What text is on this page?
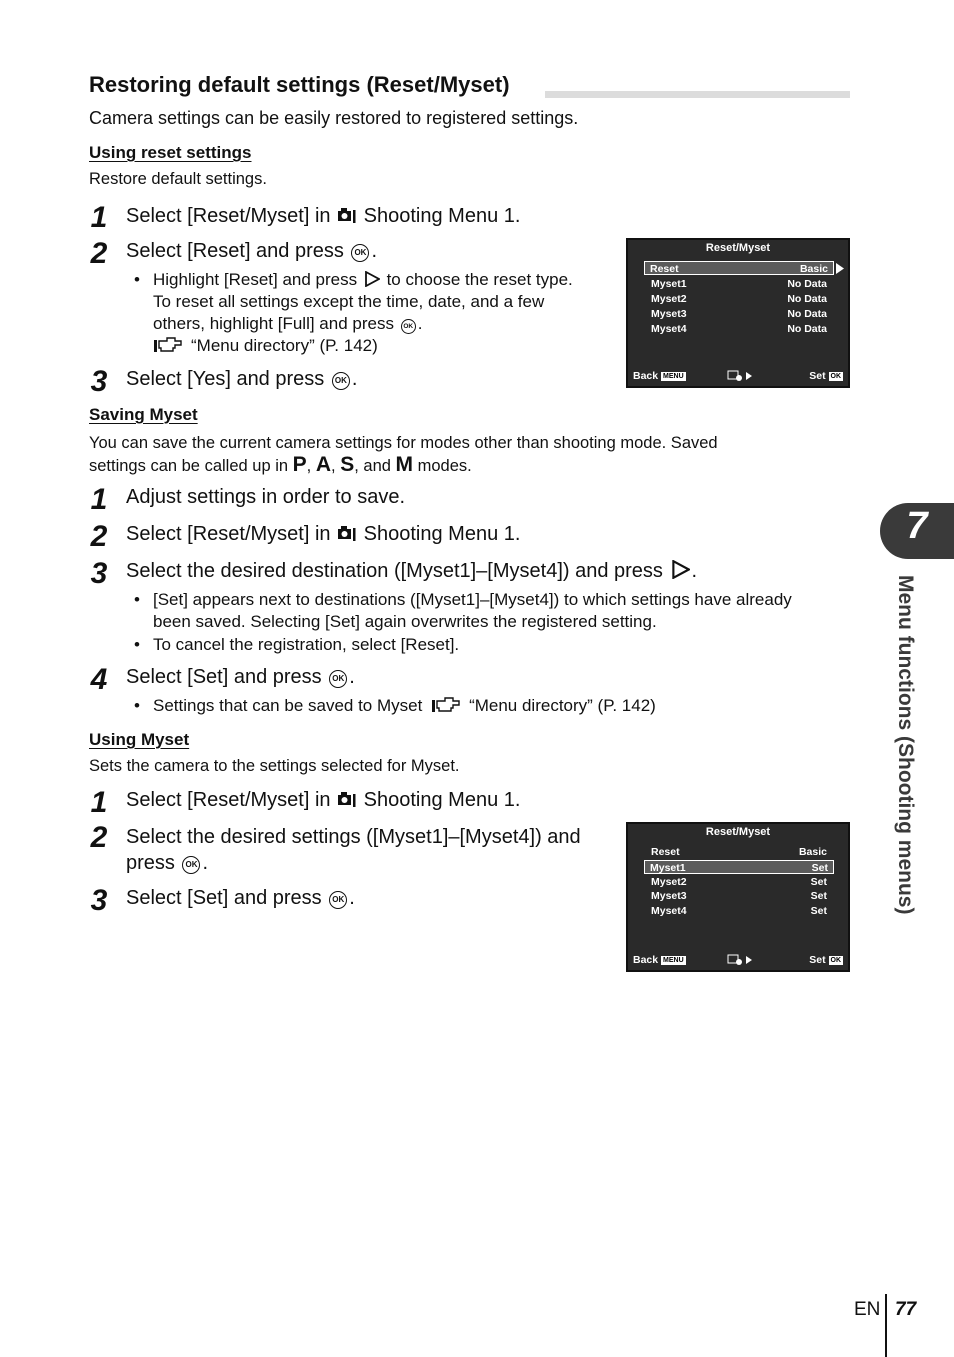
Restoring default settings (Reset/Myset)
Camera settings can be easily restored to registered settings.
Using reset settings
Restore default settings.
1 Select [Reset/Myset] in Shooting Menu 1.
2 Select [Reset] and press OK .
• Highlight [Reset] and press to choose the reset type.
To reset all settings except the time, date, and a few
others, highlight [Full] and press OK .
“Menu directory” (P. 142)
3 Select [Yes] and press OK .
Reset/Myset
Reset	Basic
Myset1	No Data
Myset2	No Data
Myset3	No Data
Myset4	No Data
Back MENU	Set OK
Saving Myset
You can save the current camera settings for modes other than shooting mode. Saved
settings can be called up in P, A, S, and M modes.
1 Adjust settings in order to save.
2 Select [Reset/Myset] in Shooting Menu 1.
3 Select the desired destination ([Myset1]–[Myset4]) and press .
• [Set] appears next to destinations ([Myset1]–[Myset4]) to which settings have already
been saved. Selecting [Set] again overwrites the registered setting.
• To cancel the registration, select [Reset].
4 Select [Set] and press OK .
• Settings that can be saved to Myset	“Menu directory” (P. 142)
Using Myset
Sets the camera to the settings selected for Myset.
1 Select [Reset/Myset] in Shooting Menu 1.
2 Select the desired settings ([Myset1]–[Myset4]) and
press OK .
3 Select [Set] and press OK .
Reset/Myset
Reset	Basic
Myset1	Set
Myset2	Set
Myset3	Set
Myset4	Set
Back MENU	Set OK
7
Menu functions (Shooting menus)
EN 77
